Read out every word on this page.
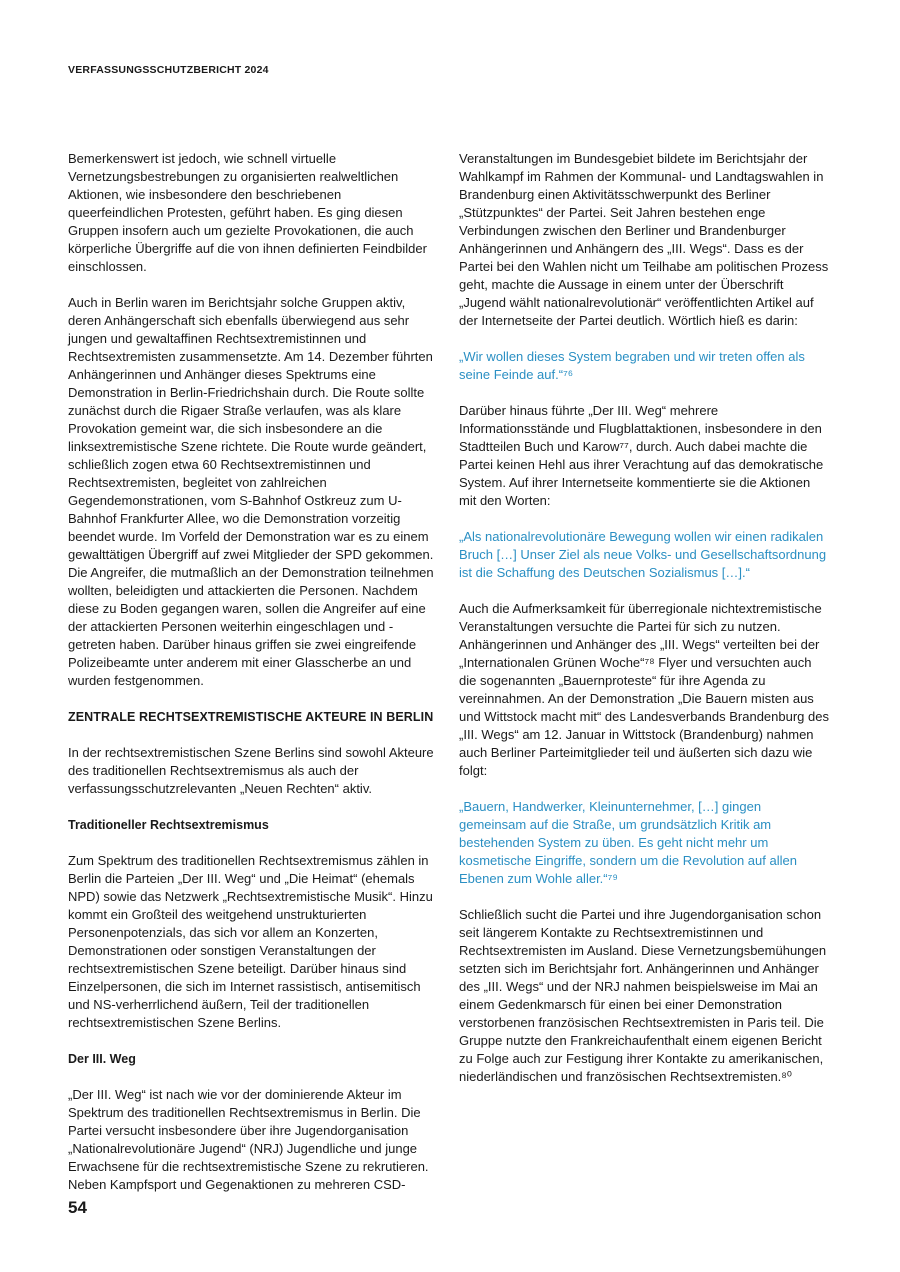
VERFASSUNGSSCHUTZBERICHT 2024

Bemerkenswert ist jedoch, wie schnell virtuelle Vernetzungsbestrebungen zu organisierten realweltlichen Aktionen, wie insbesondere den beschriebenen queerfeindlichen Protesten, geführt haben. Es ging diesen Gruppen insofern auch um gezielte Provokationen, die auch körperliche Übergriffe auf die von ihnen definierten Feindbilder einschlossen.

Auch in Berlin waren im Berichtsjahr solche Gruppen aktiv, deren Anhängerschaft sich ebenfalls überwiegend aus sehr jungen und gewaltaffinen Rechtsextremistinnen und Rechtsextremisten zusammensetzte. Am 14. Dezember führten Anhängerinnen und Anhänger dieses Spektrums eine Demonstration in Berlin-Friedrichshain durch. Die Route sollte zunächst durch die Rigaer Straße verlaufen, was als klare Provokation gemeint war, die sich insbesondere an die linksextremistische Szene richtete. Die Route wurde geändert, schließlich zogen etwa 60 Rechtsextremistinnen und Rechtsextremisten, begleitet von zahlreichen Gegendemonstrationen, vom S-Bahnhof Ostkreuz zum U-Bahnhof Frankfurter Allee, wo die Demonstration vorzeitig beendet wurde. Im Vorfeld der Demonstration war es zu einem gewalttätigen Übergriff auf zwei Mitglieder der SPD gekommen. Die Angreifer, die mutmaßlich an der Demonstration teilnehmen wollten, beleidigten und attackierten die Personen. Nachdem diese zu Boden gegangen waren, sollen die Angreifer auf eine der attackierten Personen weiterhin eingeschlagen und -getreten haben. Darüber hinaus griffen sie zwei eingreifende Polizeibeamte unter anderem mit einer Glasscherbe an und wurden festgenommen.

ZENTRALE RECHTSEXTREMISTISCHE AKTEURE IN BERLIN

In der rechtsextremistischen Szene Berlins sind sowohl Akteure des traditionellen Rechtsextremismus als auch der verfassungsschutzrelevanten „Neuen Rechten“ aktiv.

Traditioneller Rechtsextremismus

Zum Spektrum des traditionellen Rechtsextremismus zählen in Berlin die Parteien „Der III. Weg“ und „Die Heimat“ (ehemals NPD) sowie das Netzwerk „Rechtsextremistische Musik“. Hinzu kommt ein Großteil des weitgehend unstrukturierten Personenpotenzials, das sich vor allem an Konzerten, Demonstrationen oder sonstigen Veranstaltungen der rechtsextremistischen Szene beteiligt. Darüber hinaus sind Einzelpersonen, die sich im Internet rassistisch, antisemitisch und NS-verherrlichend äußern, Teil der traditionellen rechtsextremistischen Szene Berlins.

Der III. Weg

„Der III. Weg“ ist nach wie vor der dominierende Akteur im Spektrum des traditionellen Rechtsextremismus in Berlin. Die Partei versucht insbesondere über ihre Jugendorganisation „Nationalrevolutionäre Jugend“ (NRJ) Jugendliche und junge Erwachsene für die rechtsextremistische Szene zu rekrutieren. Neben Kampfsport und Gegenaktionen zu mehreren CSD-

Veranstaltungen im Bundesgebiet bildete im Berichtsjahr der Wahlkampf im Rahmen der Kommunal- und Landtagswahlen in Brandenburg einen Aktivitätsschwerpunkt des Berliner „Stützpunktes“ der Partei. Seit Jahren bestehen enge Verbindungen zwischen den Berliner und Brandenburger Anhängerinnen und Anhängern des „III. Wegs“. Dass es der Partei bei den Wahlen nicht um Teilhabe am politischen Prozess geht, machte die Aussage in einem unter der Überschrift „Jugend wählt nationalrevolutionär“ veröffentlichten Artikel auf der Internetseite der Partei deutlich. Wörtlich hieß es darin:

„Wir wollen dieses System begraben und wir treten offen als seine Feinde auf.“⁷⁶

Darüber hinaus führte „Der III. Weg“ mehrere Informationsstände und Flugblattaktionen, insbesondere in den Stadtteilen Buch und Karow⁷⁷, durch. Auch dabei machte die Partei keinen Hehl aus ihrer Verachtung auf das demokratische System. Auf ihrer Internetseite kommentierte sie die Aktionen mit den Worten:

„Als nationalrevolutionäre Bewegung wollen wir einen radikalen Bruch […] Unser Ziel als neue Volks- und Gesellschaftsordnung ist die Schaffung des Deutschen Sozialismus […].“

Auch die Aufmerksamkeit für überregionale nichtextremistische Veranstaltungen versuchte die Partei für sich zu nutzen. Anhängerinnen und Anhänger des „III. Wegs“ verteilten bei der „Internationalen Grünen Woche“⁷⁸ Flyer und versuchten auch die sogenannten „Bauernproteste“ für ihre Agenda zu vereinnahmen. An der Demonstration „Die Bauern misten aus und Wittstock macht mit“ des Landesverbands Brandenburg des „III. Wegs“ am 12. Januar in Wittstock (Brandenburg) nahmen auch Berliner Parteimitglieder teil und äußerten sich dazu wie folgt:

„Bauern, Handwerker, Kleinunternehmer, […] gingen gemeinsam auf die Straße, um grundsätzlich Kritik am bestehenden System zu üben. Es geht nicht mehr um kosmetische Eingriffe, sondern um die Revolution auf allen Ebenen zum Wohle aller.“⁷⁹

Schließlich sucht die Partei und ihre Jugendorganisation schon seit längerem Kontakte zu Rechtsextremistinnen und Rechtsextremisten im Ausland. Diese Vernetzungsbemühungen setzten sich im Berichtsjahr fort. Anhängerinnen und Anhänger des „III. Wegs“ und der NRJ nahmen beispielsweise im Mai an einem Gedenkmarsch für einen bei einer Demonstration verstorbenen französischen Rechtsextremisten in Paris teil. Die Gruppe nutzte den Frankreichaufenthalt einem eigenen Bericht zu Folge auch zur Festigung ihrer Kontakte zu amerikanischen, niederländischen und französischen Rechtsextremisten.⁸⁰

54
